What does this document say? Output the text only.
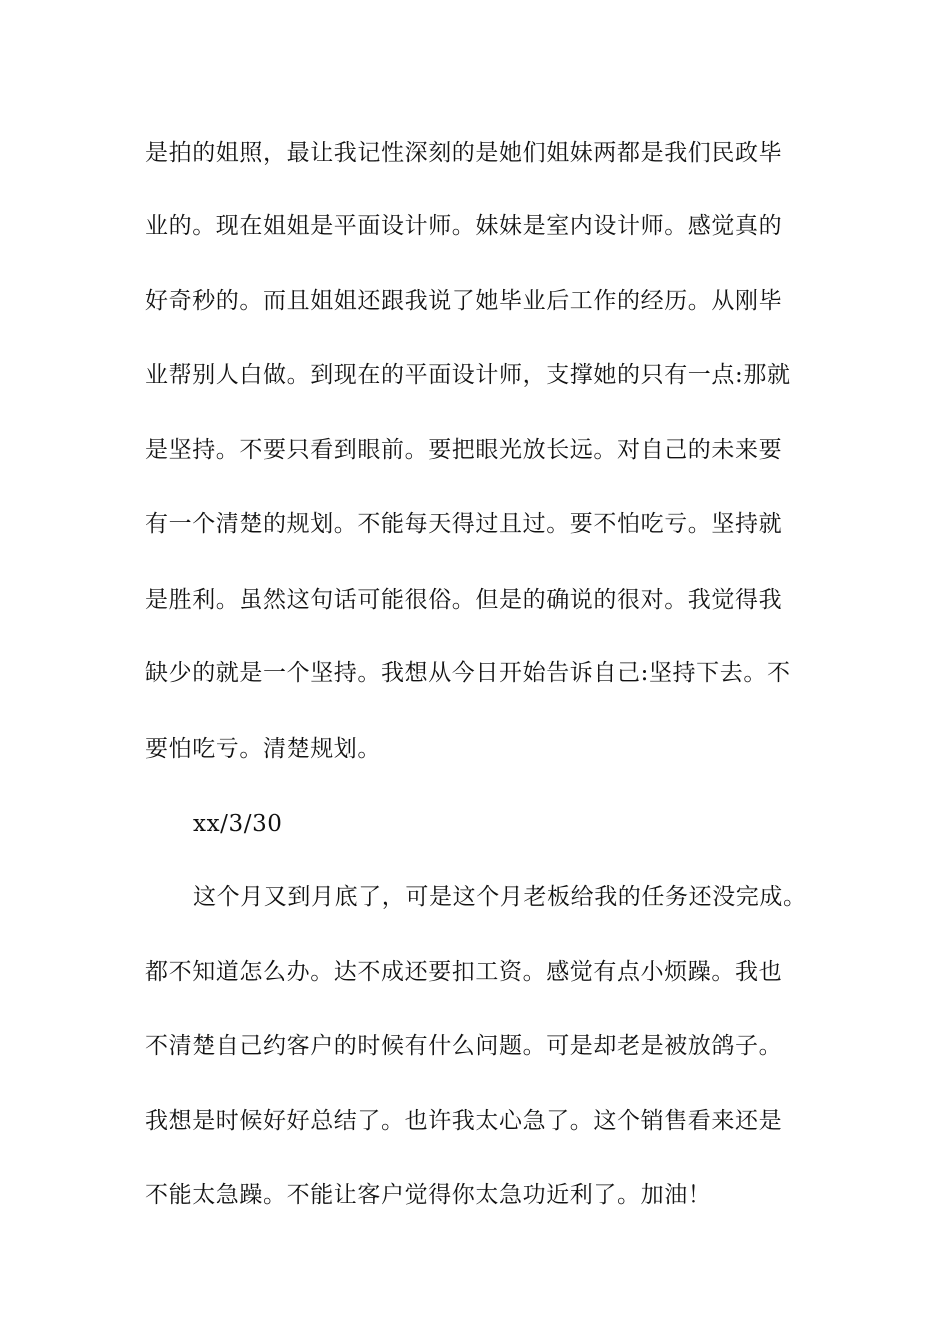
是拍的姐照，最让我记性深刻的是她们姐妹两都是我们民政毕
业的。现在姐姐是平面设计师。妹妹是室内设计师。感觉真的
好奇秒的。而且姐姐还跟我说了她毕业后工作的经历。从刚毕
业帮别人白做。到现在的平面设计师，支撑她的只有一点:那就
是坚持。不要只看到眼前。要把眼光放长远。对自己的未来要
有一个清楚的规划。不能每天得过且过。要不怕吃亏。坚持就
是胜利。虽然这句话可能很俗。但是的确说的很对。我觉得我
缺少的就是一个坚持。我想从今日开始告诉自己:坚持下去。不
要怕吃亏。清楚规划。
xx/3/30
这个月又到月底了，可是这个月老板给我的任务还没完成。
都不知道怎么办。达不成还要扣工资。感觉有点小烦躁。我也
不清楚自己约客户的时候有什么问题。可是却老是被放鸽子。
我想是时候好好总结了。也许我太心急了。这个销售看来还是
不能太急躁。不能让客户觉得你太急功近利了。加油！
